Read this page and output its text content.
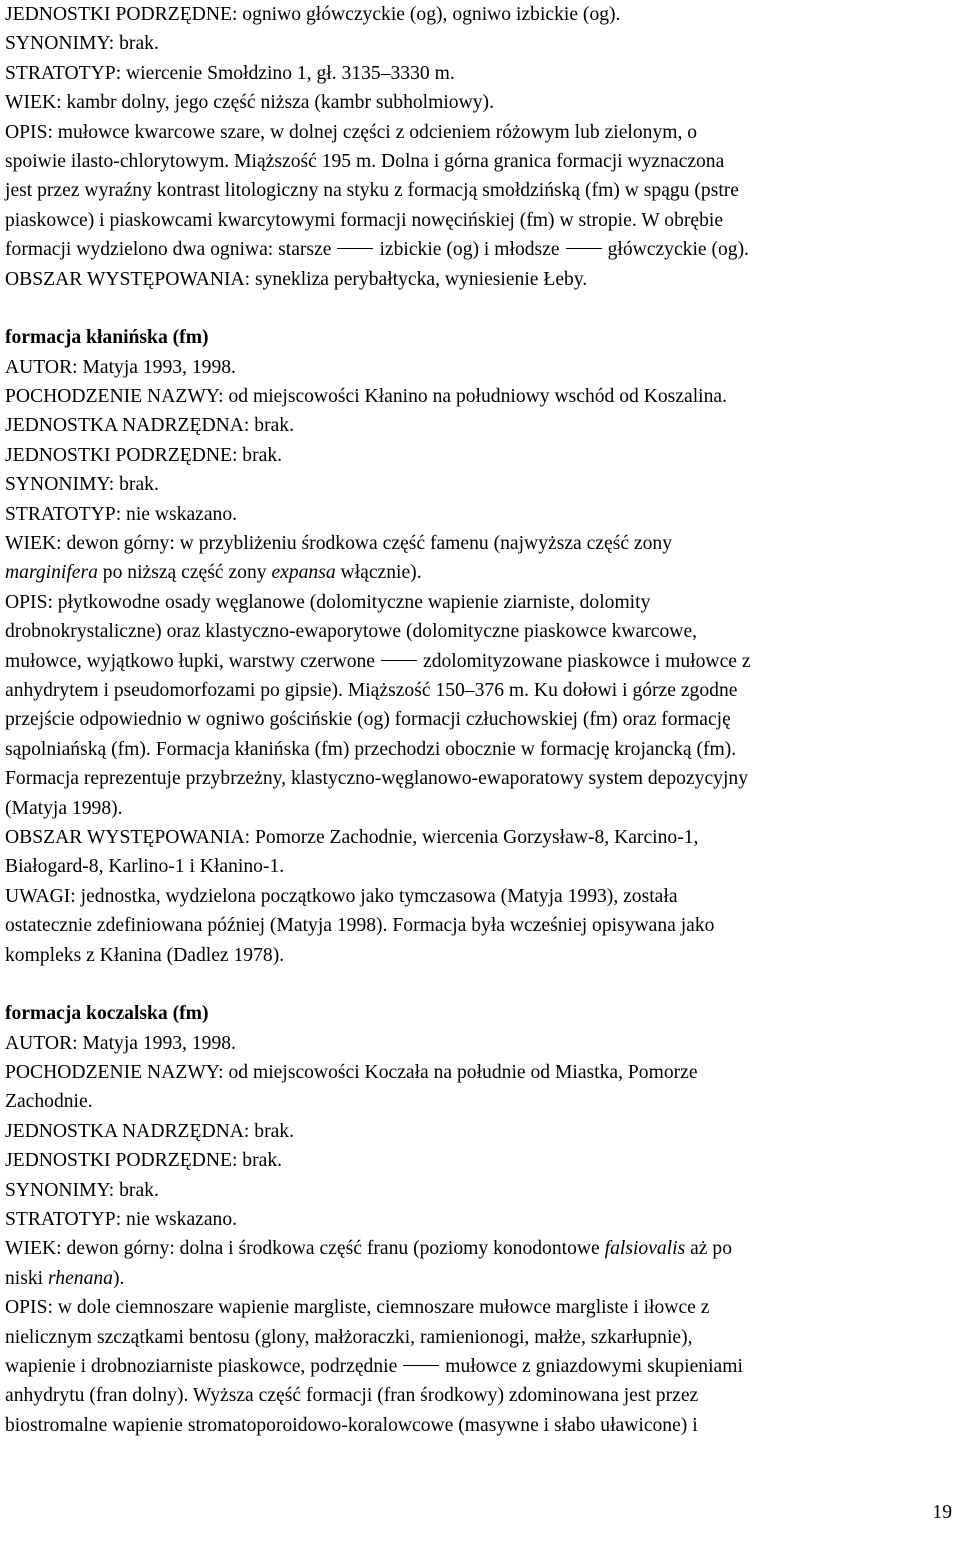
JEDNOSTKI PODRZĘDNE: ogniwo główczyckie (og), ogniwo izbickie (og).
SYNONIMY: brak.
STRATOTYP: wiercenie Smołdzino 1, gł. 3135–3330 m.
WIEK: kambr dolny, jego część niższa (kambr subholmiowy).
OPIS: mułowce kwarcowe szare, w dolnej części z odcieniem różowym lub zielonym, o
spoiwie ilasto-chlorytowym. Miąższość 195 m. Dolna i górna granica formacji wyznaczona
jest przez wyraźny kontrast litologiczny na styku z formacją smołdzińską (fm) w spągu (pstre
piaskowce) i piaskowcami kwarcytowymi formacji nowęcińskiej (fm) w stropie. W obrębie
formacji wydzielono dwa ogniwa: starsze izbickie (og) i młodsze główczyckie (og).
OBSZAR WYSTĘPOWANIA: synekliza perybałtycka, wyniesienie Łeby.
formacja kłanińska (fm)
AUTOR: Matyja 1993, 1998.
POCHODZENIE NAZWY: od miejscowości Kłanino na południowy wschód od Koszalina.
JEDNOSTKA NADRZĘDNA: brak.
JEDNOSTKI PODRZĘDNE: brak.
SYNONIMY: brak.
STRATOTYP: nie wskazano.
WIEK: dewon górny: w przybliżeniu środkowa część famenu (najwyższa część zony
marginifera po niższą część zony expansa włącznie).
OPIS: płytkowodne osady węglanowe (dolomityczne wapienie ziarniste, dolomity
drobnokrystaliczne) oraz klastyczno-ewaporytowe (dolomityczne piaskowce kwarcowe,
mułowce, wyjątkowo łupki, warstwy czerwone zdolomityzowane piaskowce i mułowce z
anhydrytem i pseudomorfozami po gipsie). Miąższość 150–376 m. Ku dołowi i górze zgodne
przejście odpowiednio w ogniwo gościńskie (og) formacji człuchowskiej (fm) oraz formację
sąpolniańską (fm). Formacja kłanińska (fm) przechodzi obocznie w formację krojancką (fm).
Formacja reprezentuje przybrzeżny, klastyczno-węglanowo-ewaporatowy system depozycyjny
(Matyja 1998).
OBSZAR WYSTĘPOWANIA: Pomorze Zachodnie, wiercenia Gorzysław-8, Karcino-1,
Białogard-8, Karlino-1 i Kłanino-1.
UWAGI: jednostka, wydzielona początkowo jako tymczasowa (Matyja 1993), została
ostatecznie zdefiniowana później (Matyja 1998). Formacja była wcześniej opisywana jako
kompleks z Kłanina (Dadlez 1978).
formacja koczalska (fm)
AUTOR: Matyja 1993, 1998.
POCHODZENIE NAZWY: od miejscowości Koczała na południe od Miastka, Pomorze
Zachodnie.
JEDNOSTKA NADRZĘDNA: brak.
JEDNOSTKI PODRZĘDNE: brak.
SYNONIMY: brak.
STRATOTYP: nie wskazano.
WIEK: dewon górny: dolna i środkowa część franu (poziomy konodontowe falsiovalis aż po
niski rhenana).
OPIS: w dole ciemnoszare wapienie margliste, ciemnoszare mułowce margliste i iłowce z
nielicznym szczątkami bentosu (glony, małżoraczki, ramienionogi, małże, szkarłupnie),
wapienie i drobnoziarniste piaskowce, podrzędnie mułowce z gniazdowymi skupieniami
anhydrytu (fran dolny). Wyższa część formacji (fran środkowy) zdominowana jest przez
biostromalne wapienie stromatoporoidowo-koralowcowe (masywne i słabo uławicone) i
19
